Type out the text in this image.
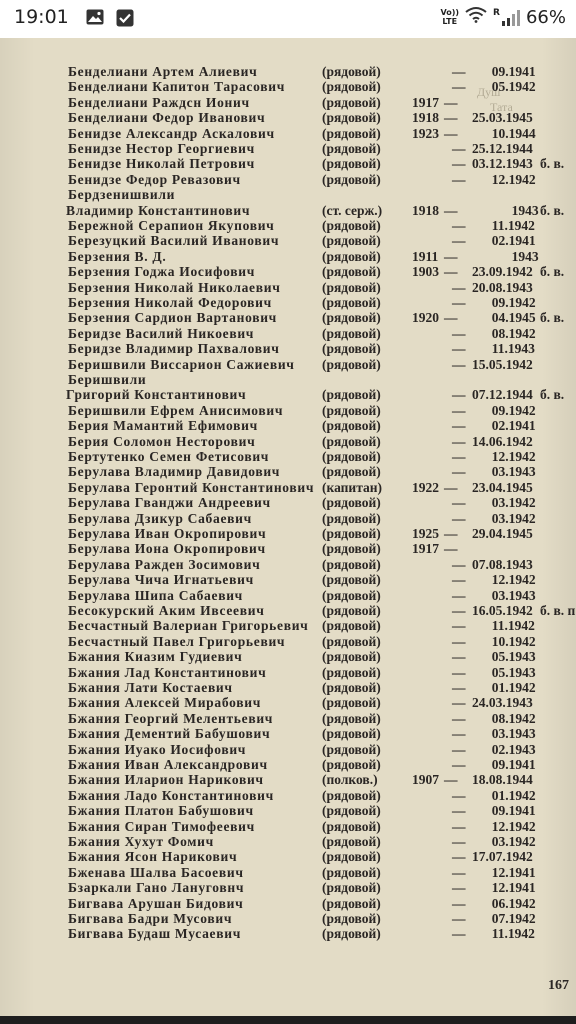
19:01	Vo))
LTE
R 66%
Душ
Тата
Бенделиани Артем Алиевич	(рядовой)	— 09.1941
Бенделиани Капитон Тарасович	(рядовой)	— 05.1942
Бенделиани Раждсн Ионич	(рядовой) 1917 —
Бенделиани Федор Иванович	(рядовой) 1918 — 25.03.1945
Бенидзе Александр Аскалович	(рядовой) 1923 —	10.1944
Бенидзе Нестор Георгиевич	(рядовой)	— 25.12.1944
Бенидзе Николай Петрович	(рядовой)	— 03.12.1943 б. в.
Бенидзе Федор Ревазович	(рядовой)	— 12.1942
Бердзенишвили
Владимир Константинович	(ст. серж.) 1918 —	1943 б. в.
Бережной Серапион Якупович	(рядовой)	— 11.1942
Березуцкий Василий Иванович	(рядовой)	— 02.1941
Берзения В. Д.	(рядовой) 1911 —	1943
Берзения Годжа Иосифович	(рядовой) 1903 — 23.09.1942 б. в.
Берзения Николай Николаевич	(рядовой)	— 20.08.1943
Берзения Николай Федорович	(рядовой)	— 09.1942
Берзения Сардион Вартанович	(рядовой) 1920 —	04.1945 б. в.
Беридзе Василий Никоевич	(рядовой)	— 08.1942
Беридзе Владимир Пахвалович	(рядовой)	— 11.1943
Беришвили Виссарион Сажиевич (рядовой)	— 15.05.1942
Беришвили
Григорий Константинович	(рядовой)	— 07.12.1944 б. в.
Беришвили Ефрем Анисимович	(рядовой)	— 09.1942
Берия Мамантий Ефимович	(рядовой)	— 02.1941
Берия Соломон Несторович	(рядовой)	— 14.06.1942
Бертутенко Семен Фетисович	(рядовой)	— 12.1942
Берулава Владимир Давидович	(рядовой)	— 03.1943
Берулава Геронтий Константинович (капитан) 1922 — 23.04.1945
Берулава Гванджи Андреевич	(рядовой)	— 03.1942
Берулава Дзикур Сабаевич	(рядовой)	— 03.1942
Берулава Иван Окропирович	(рядовой) 1925 — 29.04.1945
Берулава Иона Окропирович	(рядовой) 1917 —
Берулава Ражден Зосимович	(рядовой)	— 07.08.1943
Берулава Чича Игнатьевич	(рядовой)	— 12.1942
Берулава Шипа Сабаевич	(рядовой)	— 03.1943
Бесокурский Аким Ивсеевич	(рядовой)	— 16.05.1942 б. в. п
Бесчастный Валериан Григорьевич (рядовой)	— 11.1942
Бесчастный Павел Григорьевич	(рядовой)	— 10.1942
Бжания Киазим Гудиевич	(рядовой)	— 05.1943
Бжания Лад Константинович	(рядовой)	— 05.1943
Бжания Лати Костаевич	(рядовой)	— 01.1942
Бжания Алексей Мирабович	(рядовой)	— 24.03.1943
Бжания Георгий Мелентьевич	(рядовой)	— 08.1942
Бжания Дементий Бабушович	(рядовой)	— 03.1943
Бжания Иуако Иосифович	(рядовой)	— 02.1943
Бжания Иван Александрович	(рядовой)	— 09.1941
Бжания Иларион Нарикович	(полков.)	1907 — 18.08.1944
Бжания Ладо Константинович	(рядовой)	— 01.1942
Бжания Платон Бабушович	(рядовой)	— 09.1941
Бжания Сиран Тимофеевич	(рядовой)	— 12.1942
Бжания Хухут Фомич	(рядовой)	— 03.1942
Бжания Ясон Нарикович	(рядовой)	— 17.07.1942
Бженава Шалва Басоевич	(рядовой)	— 12.1941
Бзаркали Гано Лануговнч	(рядовой)	— 12.1941
Бигвава Арушан Бидович	(рядовой)	— 06.1942
Бигвава Бадри Мусович	(рядовой)	— 07.1942
Бигвава Будаш Мусаевич	(рядовой)	— 11.1942
167
